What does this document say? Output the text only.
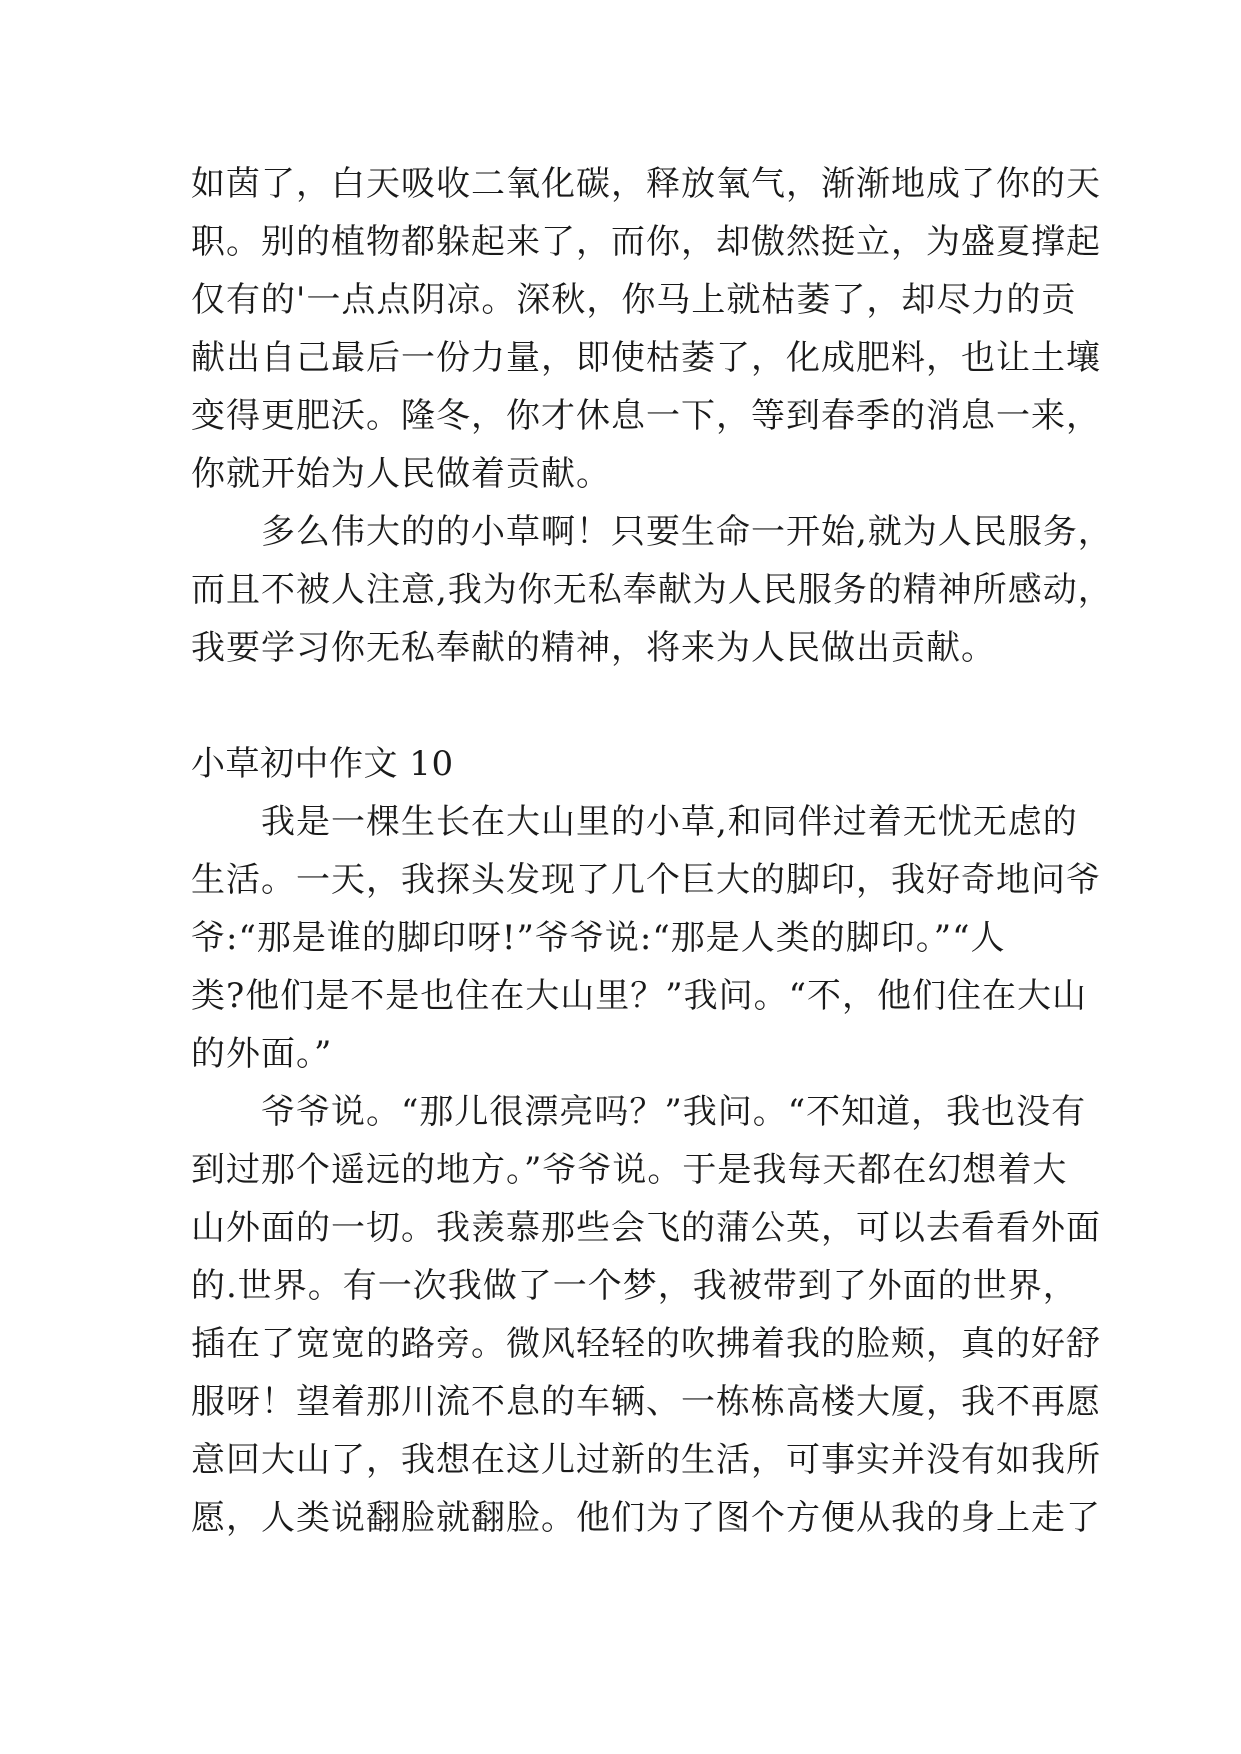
如茵了，白天吸收二氧化碳，释放氧气，渐渐地成了你的天
职。别的植物都躲起来了，而你，却傲然挺立，为盛夏撑起
仅有的'一点点阴凉。深秋，你马上就枯萎了，却尽力的贡
献出自己最后一份力量，即使枯萎了，化成肥料，也让土壤
变得更肥沃。隆冬，你才休息一下，等到春季的消息一来，
你就开始为人民做着贡献。
　　多么伟大的的小草啊！只要生命一开始,就为人民服务，
而且不被人注意,我为你无私奉献为人民服务的精神所感动，
我要学习你无私奉献的精神，将来为人民做出贡献。
小草初中作文 10
　　我是一棵生长在大山里的小草,和同伴过着无忧无虑的
生活。一天，我探头发现了几个巨大的脚印，我好奇地问爷
爷:“那是谁的脚印呀!”爷爷说:“那是人类的脚印。”“人
类?他们是不是也住在大山里？”我问。“不，他们住在大山
的外面。”
　　爷爷说。“那儿很漂亮吗？”我问。“不知道，我也没有
到过那个遥远的地方。”爷爷说。于是我每天都在幻想着大
山外面的一切。我羡慕那些会飞的蒲公英，可以去看看外面
的.世界。有一次我做了一个梦，我被带到了外面的世界，
插在了宽宽的路旁。微风轻轻的吹拂着我的脸颊，真的好舒
服呀！望着那川流不息的车辆、一栋栋高楼大厦，我不再愿
意回大山了，我想在这儿过新的生活，可事实并没有如我所
愿，人类说翻脸就翻脸。他们为了图个方便从我的身上走了
